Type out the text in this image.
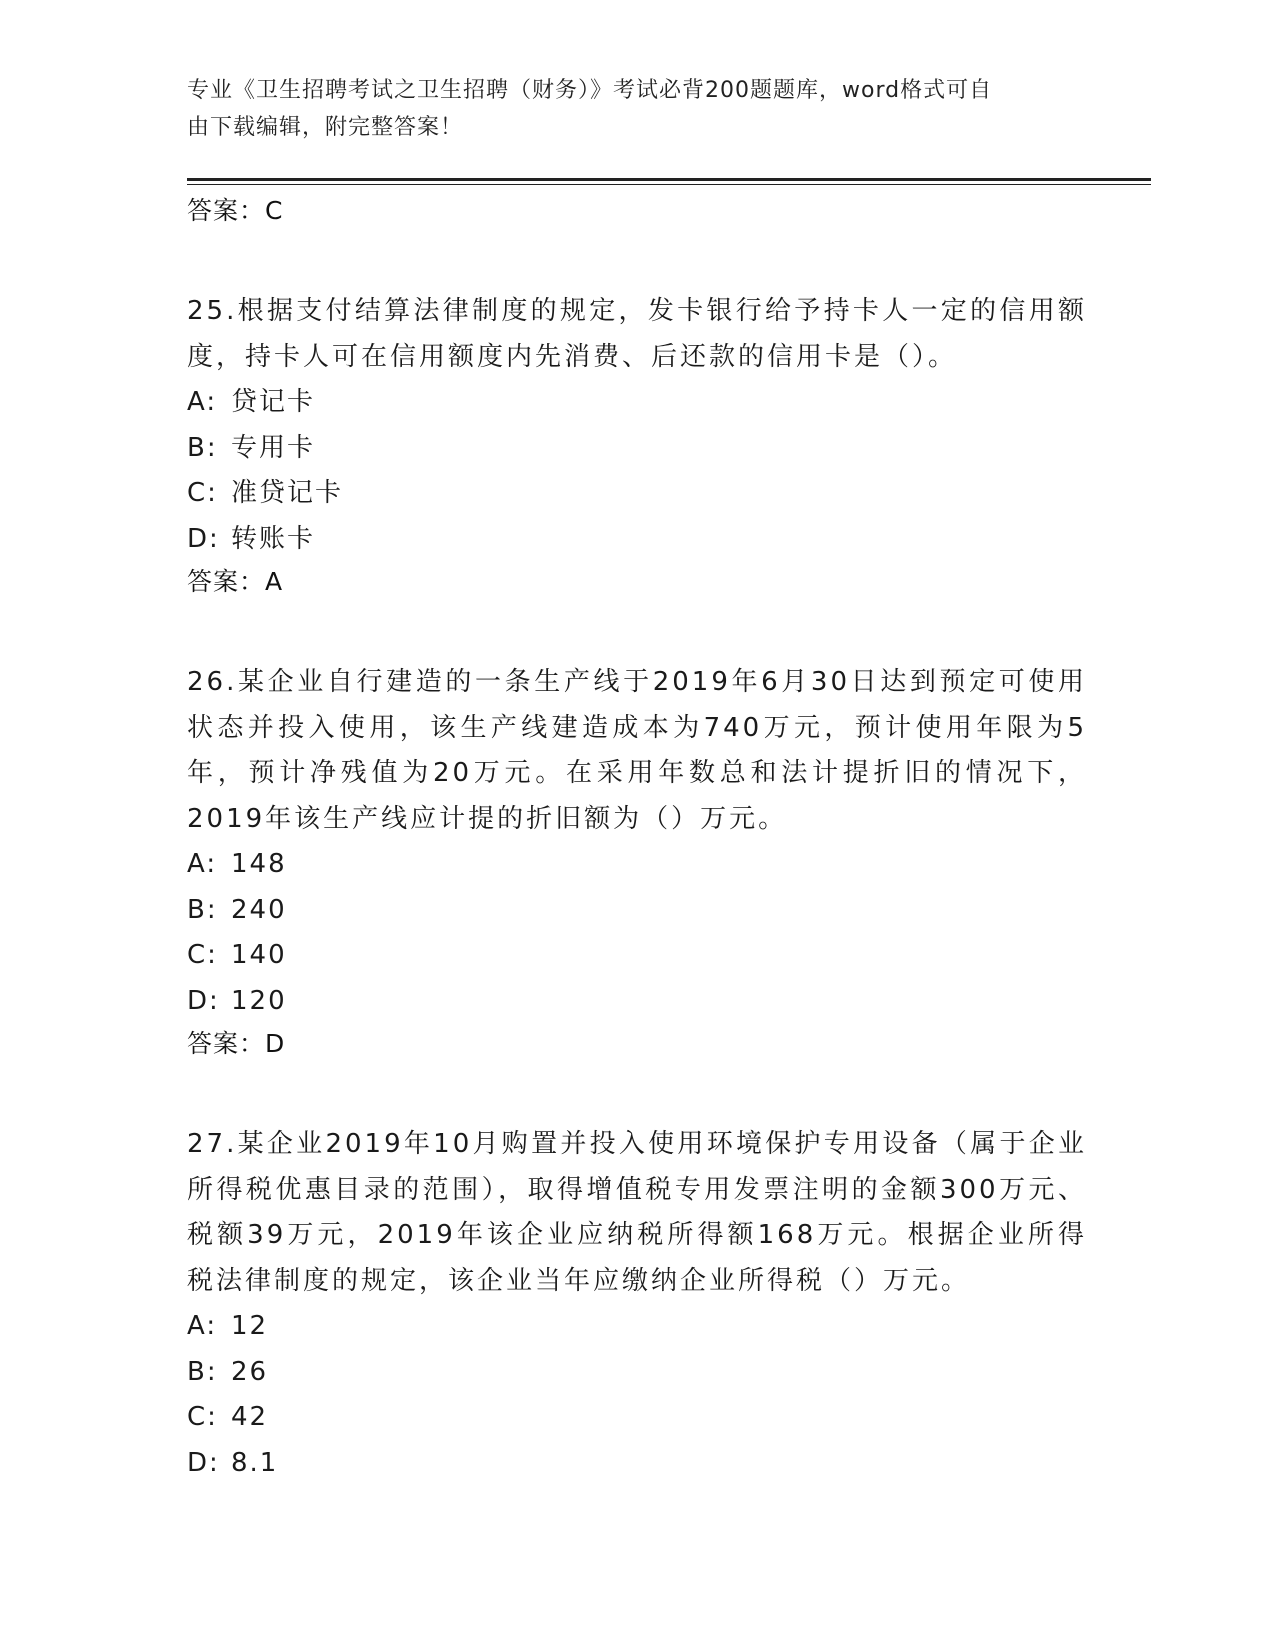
专业《卫生招聘考试之卫生招聘（财务）》考试必背200题题库，word格式可自
由下载编辑，附完整答案！
答案：C
25.根据支付结算法律制度的规定，发卡银行给予持卡人一定的信用额度，持卡人可在信用额度内先消费、后还款的信用卡是（）。
A: 贷记卡
B: 专用卡
C: 准贷记卡
D: 转账卡
答案：A
26.某企业自行建造的一条生产线于2019年6月30日达到预定可使用状态并投入使用，该生产线建造成本为740万元，预计使用年限为5年，预计净残值为20万元。在采用年数总和法计提折旧的情况下，2019年该生产线应计提的折旧额为（）万元。
A: 148
B: 240
C: 140
D: 120
答案：D
27.某企业2019年10月购置并投入使用环境保护专用设备（属于企业所得税优惠目录的范围），取得增值税专用发票注明的金额300万元、税额39万元，2019年该企业应纳税所得额168万元。根据企业所得税法律制度的规定，该企业当年应缴纳企业所得税（）万元。
A: 12
B: 26
C: 42
D: 8.1
